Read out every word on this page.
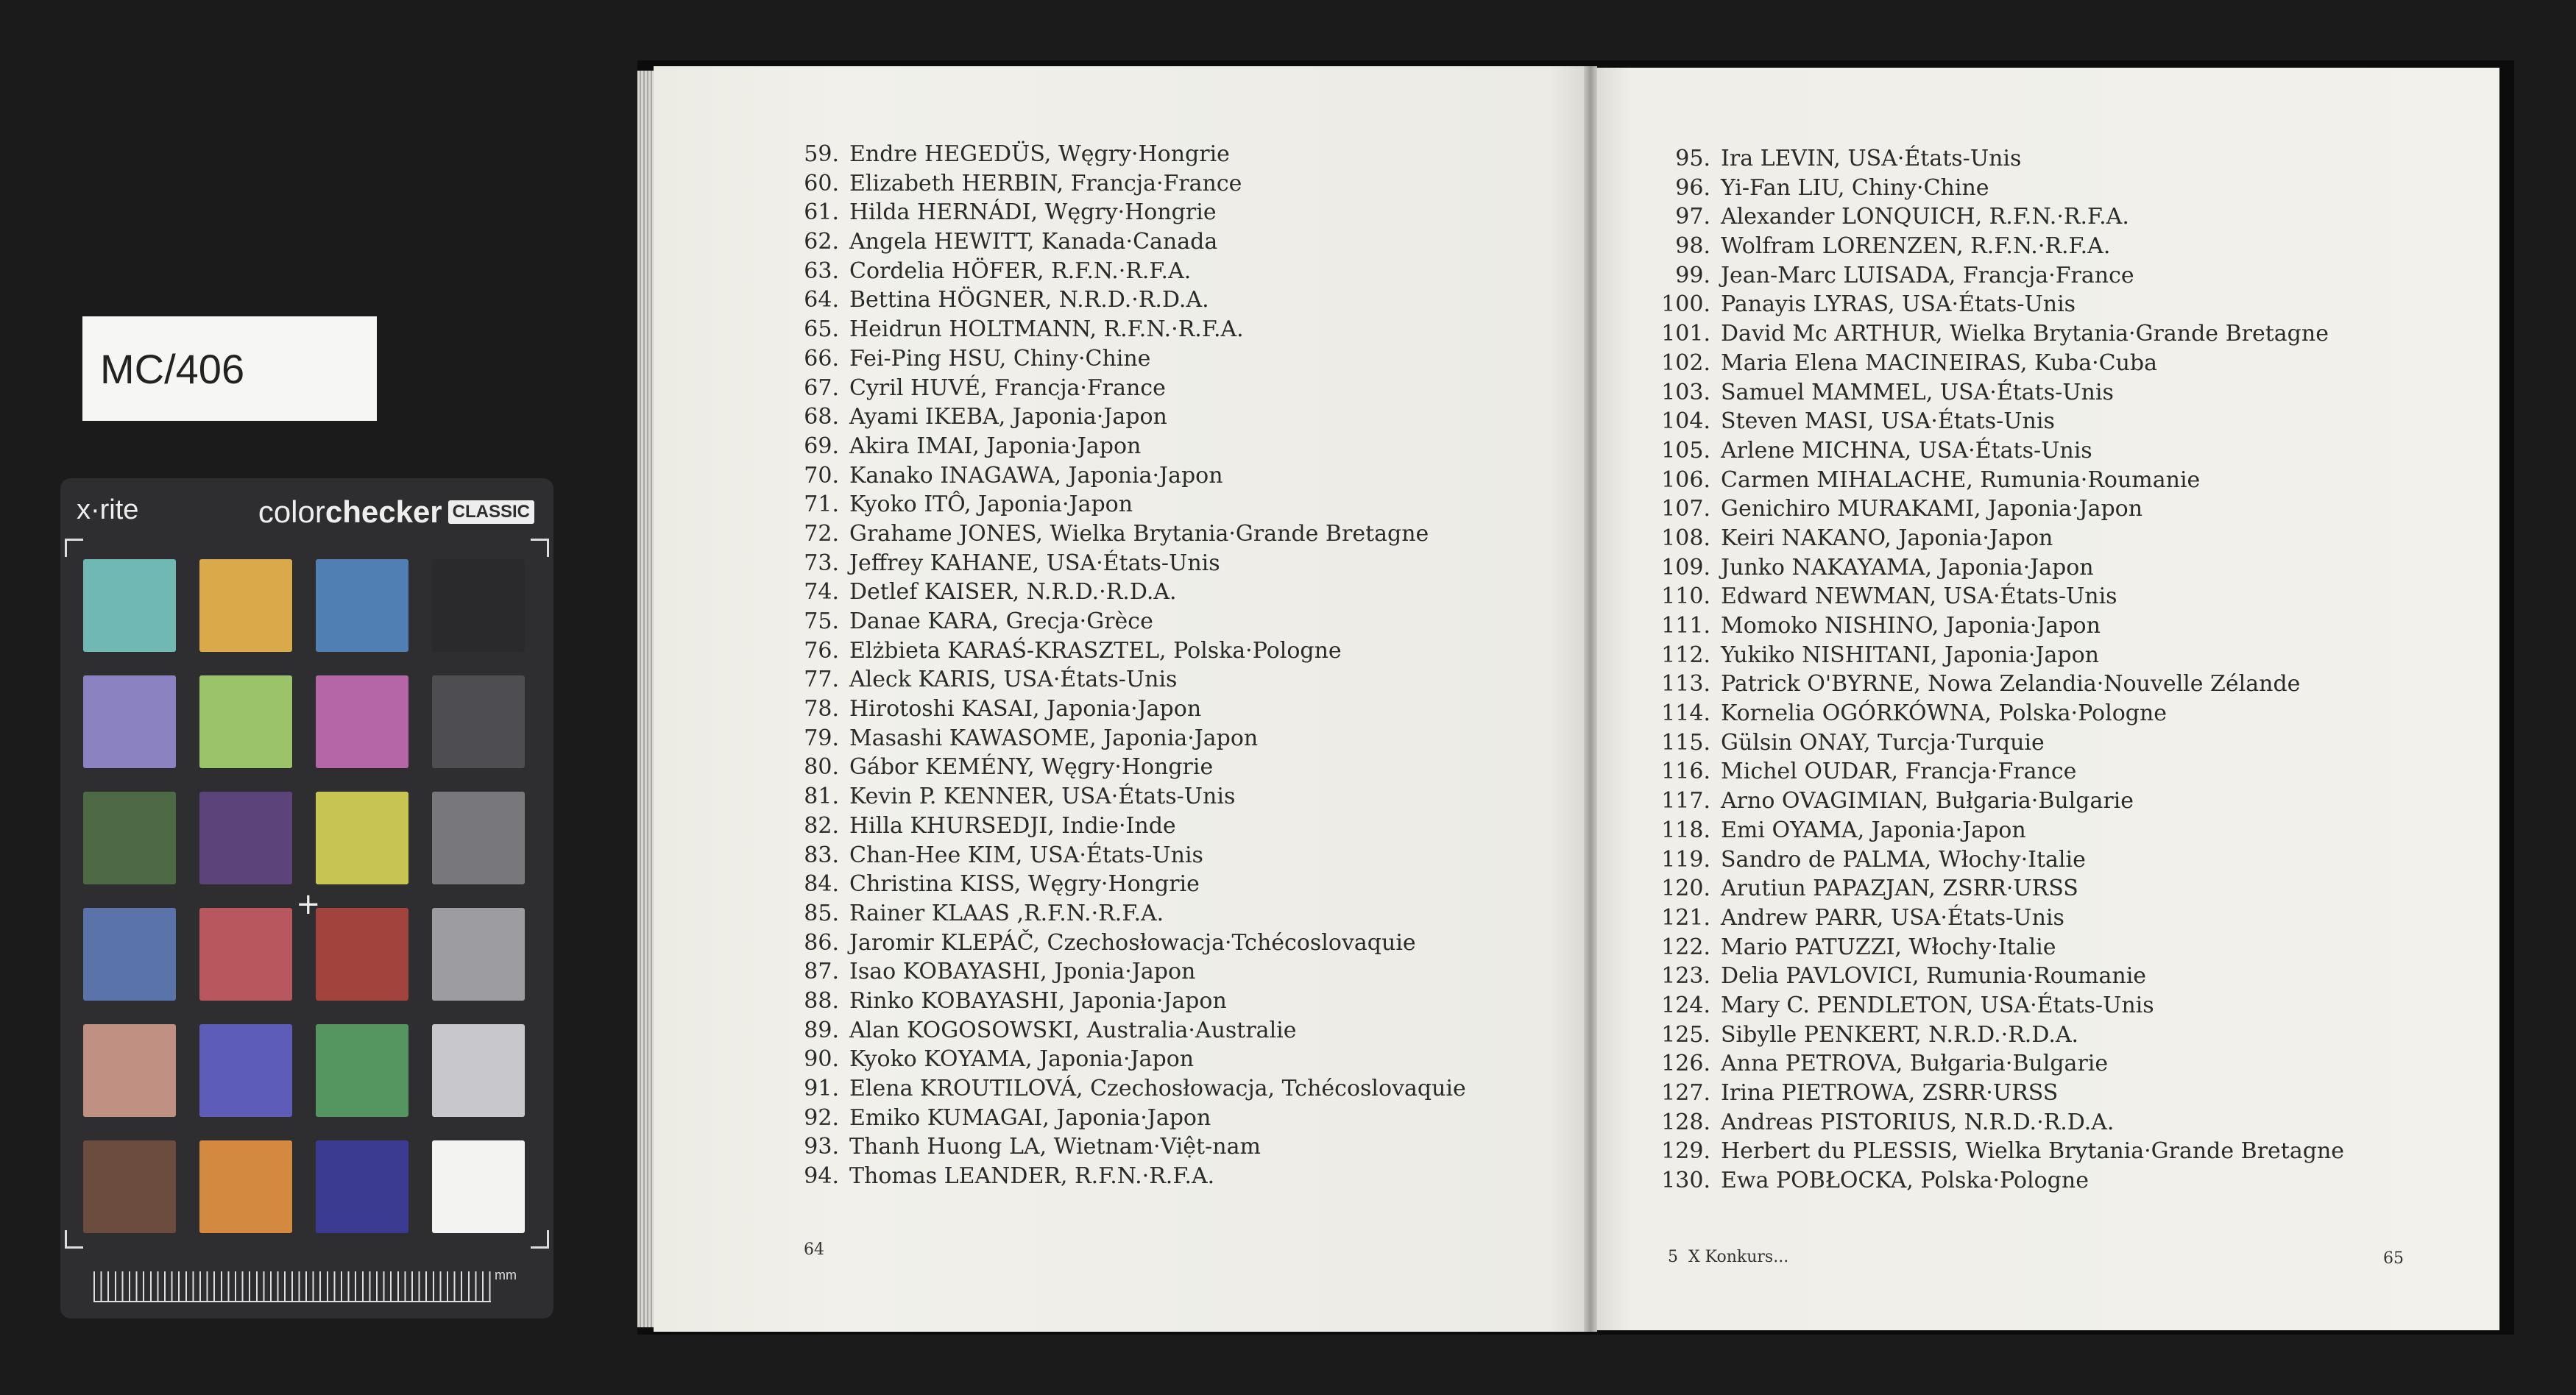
MC/406
x·rite	color checker CLASSIC
+
mm
59. Endre HEGEDÜS, Węgry·Hongrie
60. Elizabeth HERBIN, Francja·France
61. Hilda HERNÁDI, Węgry·Hongrie
62. Angela HEWITT, Kanada·Canada
63. Cordelia HÖFER, R.F.N.·R.F.A.
64. Bettina HÖGNER, N.R.D.·R.D.A.
65. Heidrun HOLTMANN, R.F.N.·R.F.A.
66. Fei-Ping HSU, Chiny·Chine
67. Cyril HUVÉ, Francja·France
68. Ayami IKEBA, Japonia·Japon
69. Akira IMAI, Japonia·Japon
70. Kanako INAGAWA, Japonia·Japon
71. Kyoko ITÔ, Japonia·Japon
72. Grahame JONES, Wielka Brytania·Grande Bretagne
73. Jeffrey KAHANE, USA·États-Unis
74. Detlef KAISER, N.R.D.·R.D.A.
75. Danae KARA, Grecja·Grèce
76. Elżbieta KARAŚ-KRASZTEL, Polska·Pologne
77. Aleck KARIS, USA·États-Unis
78. Hirotoshi KASAI, Japonia·Japon
79. Masashi KAWASOME, Japonia·Japon
80. Gábor KEMÉNY, Węgry·Hongrie
81. Kevin P. KENNER, USA·États-Unis
82. Hilla KHURSEDJI, Indie·Inde
83. Chan-Hee KIM, USA·États-Unis
84. Christina KISS, Węgry·Hongrie
85. Rainer KLAAS ,R.F.N.·R.F.A.
86. Jaromir KLEPÁČ, Czechosłowacja·Tchécoslovaquie
87. Isao KOBAYASHI, Jponia·Japon
88. Rinko KOBAYASHI, Japonia·Japon
89. Alan KOGOSOWSKI, Australia·Australie
90. Kyoko KOYAMA, Japonia·Japon
91. Elena KROUTILOVÁ, Czechosłowacja, Tchécoslovaquie
92. Emiko KUMAGAI, Japonia·Japon
93. Thanh Huong LA, Wietnam·Việt-nam
94. Thomas LEANDER, R.F.N.·R.F.A.
95. Ira LEVIN, USA·États-Unis
96. Yi-Fan LIU, Chiny·Chine
97. Alexander LONQUICH, R.F.N.·R.F.A.
98. Wolfram LORENZEN, R.F.N.·R.F.A.
99. Jean-Marc LUISADA, Francja·France
100. Panayis LYRAS, USA·États-Unis
101. David Mc ARTHUR, Wielka Brytania·Grande Bretagne
102. Maria Elena MACINEIRAS, Kuba·Cuba
103. Samuel MAMMEL, USA·États-Unis
104. Steven MASI, USA·États-Unis
105. Arlene MICHNA, USA·États-Unis
106. Carmen MIHALACHE, Rumunia·Roumanie
107. Genichiro MURAKAMI, Japonia·Japon
108. Keiri NAKANO, Japonia·Japon
109. Junko NAKAYAMA, Japonia·Japon
110. Edward NEWMAN, USA·États-Unis
111. Momoko NISHINO, Japonia·Japon
112. Yukiko NISHITANI, Japonia·Japon
113. Patrick O'BYRNE, Nowa Zelandia·Nouvelle Zélande
114. Kornelia OGÓRKÓWNA, Polska·Pologne
115. Gülsin ONAY, Turcja·Turquie
116. Michel OUDAR, Francja·France
117. Arno OVAGIMIAN, Bułgaria·Bulgarie
118. Emi OYAMA, Japonia·Japon
119. Sandro de PALMA, Włochy·Italie
120. Arutiun PAPAZJAN, ZSRR·URSS
121. Andrew PARR, USA·États-Unis
122. Mario PATUZZI, Włochy·Italie
123. Delia PAVLOVICI, Rumunia·Roumanie
124. Mary C. PENDLETON, USA·États-Unis
125. Sibylle PENKERT, N.R.D.·R.D.A.
126. Anna PETROVA, Bułgaria·Bulgarie
127. Irina PIETROWA, ZSRR·URSS
128. Andreas PISTORIUS, N.R.D.·R.D.A.
129. Herbert du PLESSIS, Wielka Brytania·Grande Bretagne
130. Ewa POBŁOCKA, Polska·Pologne
64	5  X Konkurs...	65
